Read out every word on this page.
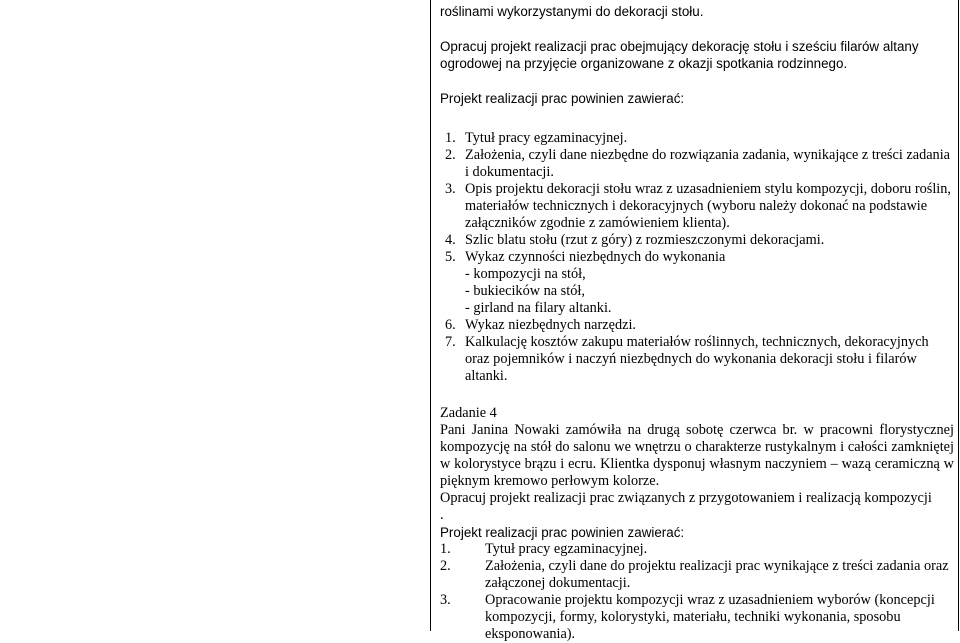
roślinami wykorzystanymi do dekoracji stołu.

Opracuj projekt realizacji prac obejmujący dekorację stołu i sześciu filarów altany ogrodowej na przyjęcie organizowane z okazji spotkania rodzinnego.

Projekt realizacji prac powinien zawierać:

1. Tytuł pracy egzaminacyjnej.
2. Założenia, czyli dane niezbędne do rozwiązania zadania, wynikające z treści zadania i dokumentacji.
3. Opis projektu dekoracji stołu wraz z uzasadnieniem stylu kompozycji, doboru roślin, materiałów technicznych i dekoracyjnych (wyboru należy dokonać na podstawie załączników zgodnie z zamówieniem klienta).
4. Szlic blatu stołu (rzut z góry) z rozmieszczonymi dekoracjami.
5. Wykaz czynności niezbędnych do wykonania
- kompozycji na stół,
- bukiecików na stół,
- girland na filary altanki.
6. Wykaz niezbędnych narzędzi.
7. Kalkulację kosztów zakupu materiałów roślinnych, technicznych, dekoracyjnych oraz pojemników i naczyń niezbędnych do wykonania dekoracji stołu i filarów altanki.

Zadanie 4

Pani Janina Nowaki zamówiła na drugą sobotę czerwca br. w pracowni florystycznej kompozycję na stół do salonu we wnętrzu o charakterze rustykalnym i całości zamkniętej w kolorystyce brązu i ecru. Klientka dysponuj własnym naczyniem – wazą ceramiczną w pięknym kremowo perłowym kolorze.

Opracuj projekt realizacji prac związanych z przygotowaniem i realizacją kompozycji

.

Projekt realizacji prac powinien zawierać:

1. Tytuł pracy egzaminacyjnej.
2. Założenia, czyli dane do projektu realizacji prac wynikające z treści zadania oraz załączonej dokumentacji.
3. Opracowanie projektu kompozycji wraz z uzasadnieniem wyborów (koncepcji kompozycji, formy, kolorystyki, materiału, techniki wykonania, sposobu eksponowania).
